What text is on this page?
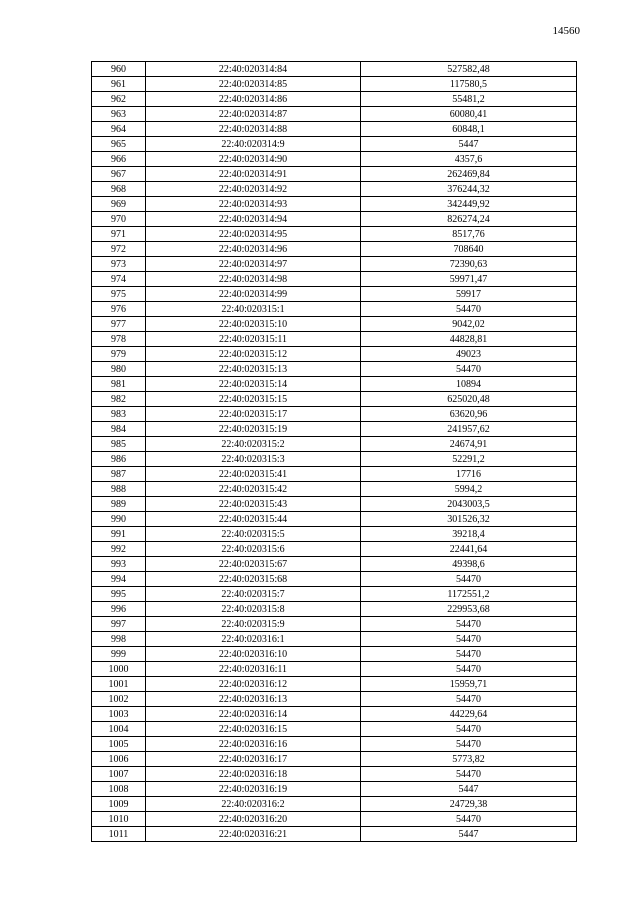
14560
960	22:40:020314:84	527582,48
961	22:40:020314:85	117580,5
962	22:40:020314:86	55481,2
963	22:40:020314:87	60080,41
964	22:40:020314:88	60848,1
965	22:40:020314:9	5447
966	22:40:020314:90	4357,6
967	22:40:020314:91	262469,84
968	22:40:020314:92	376244,32
969	22:40:020314:93	342449,92
970	22:40:020314:94	826274,24
971	22:40:020314:95	8517,76
972	22:40:020314:96	708640
973	22:40:020314:97	72390,63
974	22:40:020314:98	59971,47
975	22:40:020314:99	59917
976	22:40:020315:1	54470
977	22:40:020315:10	9042,02
978	22:40:020315:11	44828,81
979	22:40:020315:12	49023
980	22:40:020315:13	54470
981	22:40:020315:14	10894
982	22:40:020315:15	625020,48
983	22:40:020315:17	63620,96
984	22:40:020315:19	241957,62
985	22:40:020315:2	24674,91
986	22:40:020315:3	52291,2
987	22:40:020315:41	17716
988	22:40:020315:42	5994,2
989	22:40:020315:43	2043003,5
990	22:40:020315:44	301526,32
991	22:40:020315:5	39218,4
992	22:40:020315:6	22441,64
993	22:40:020315:67	49398,6
994	22:40:020315:68	54470
995	22:40:020315:7	1172551,2
996	22:40:020315:8	229953,68
997	22:40:020315:9	54470
998	22:40:020316:1	54470
999	22:40:020316:10	54470
1000	22:40:020316:11	54470
1001	22:40:020316:12	15959,71
1002	22:40:020316:13	54470
1003	22:40:020316:14	44229,64
1004	22:40:020316:15	54470
1005	22:40:020316:16	54470
1006	22:40:020316:17	5773,82
1007	22:40:020316:18	54470
1008	22:40:020316:19	5447
1009	22:40:020316:2	24729,38
1010	22:40:020316:20	54470
1011	22:40:020316:21	5447
